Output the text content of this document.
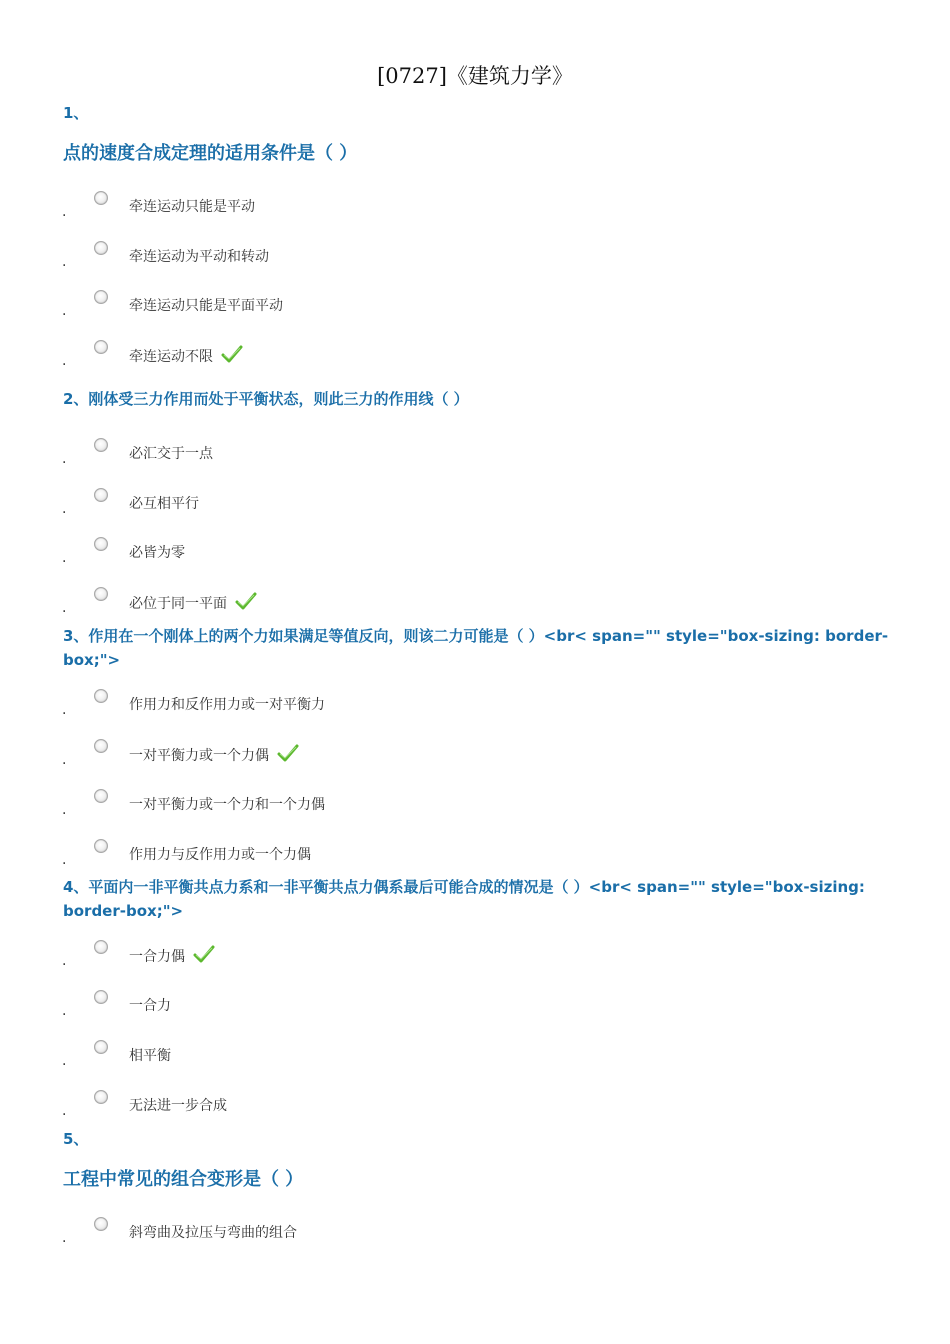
[0727]《建筑力学》
1、
点的速度合成定理的适用条件是（ ）
.	牵连运动只能是平动
.	牵连运动为平动和转动
.	牵连运动只能是平面平动
.	牵连运动不限
2、刚体受三力作用而处于平衡状态，则此三力的作用线（ ）
.	必汇交于一点
.	必互相平行
.	必皆为零
.	必位于同一平面
3、作用在一个刚体上的两个力如果满足等值反向，则该二力可能是（ ）<br< span="" style="box-sizing: border-box;">
.	作用力和反作用力或一对平衡力
.	一对平衡力或一个力偶
.	一对平衡力或一个力和一个力偶
.	作用力与反作用力或一个力偶
4、平面内一非平衡共点力系和一非平衡共点力偶系最后可能合成的情况是（ ）<br< span="" style="box-sizing: border-box;">
.	一合力偶
.	一合力
.	相平衡
.	无法进一步合成
5、
工程中常见的组合变形是（ ）
.	斜弯曲及拉压与弯曲的组合
